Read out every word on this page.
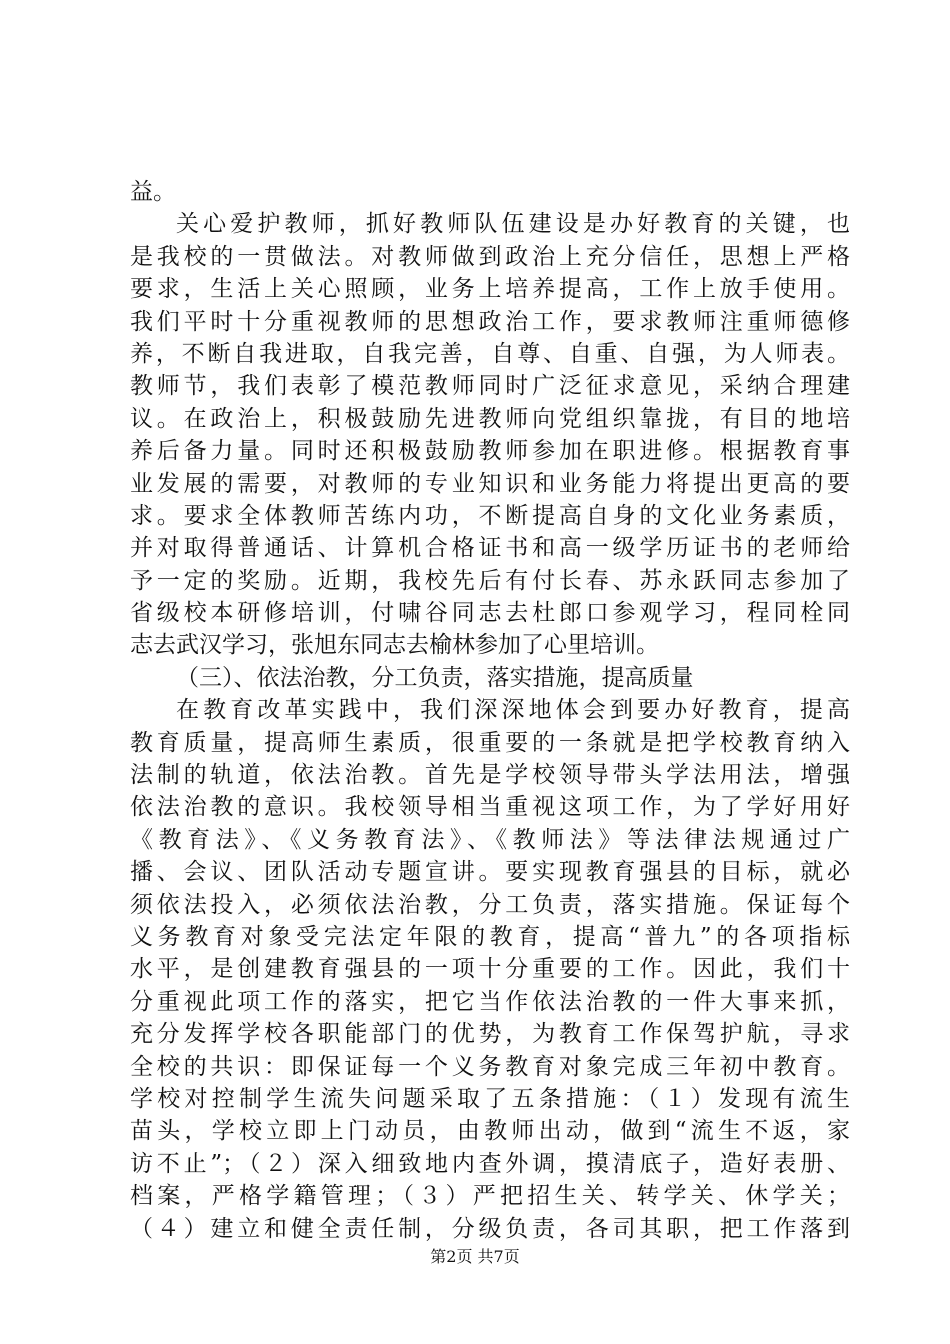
益。
关心爱护教师，抓好教师队伍建设是办好教育的关键，也
是我校的一贯做法。对教师做到政治上充分信任，思想上严格
要求，生活上关心照顾，业务上培养提高，工作上放手使用。
我们平时十分重视教师的思想政治工作，要求教师注重师德修
养，不断自我进取，自我完善，自尊、自重、自强，为人师表。
教师节，我们表彰了模范教师同时广泛征求意见，采纳合理建
议。在政治上，积极鼓励先进教师向党组织靠拢，有目的地培
养后备力量。同时还积极鼓励教师参加在职进修。根据教育事
业发展的需要，对教师的专业知识和业务能力将提出更高的要
求。要求全体教师苦练内功，不断提高自身的文化业务素质，
并对取得普通话、计算机合格证书和高一级学历证书的老师给
予一定的奖励。近期，我校先后有付长春、苏永跃同志参加了
省级校本研修培训，付啸谷同志去杜郎口参观学习，程同栓同
志去武汉学习，张旭东同志去榆林参加了心里培训。
（三）、依法治教，分工负责，落实措施，提高质量
在教育改革实践中，我们深深地体会到要办好教育，提高
教育质量，提高师生素质，很重要的一条就是把学校教育纳入
法制的轨道，依法治教。首先是学校领导带头学法用法，增强
依法治教的意识。我校领导相当重视这项工作，为了学好用好
《教育法》、《义务教育法》、《教师法》等法律法规通过广
播、会议、团队活动专题宣讲。要实现教育强县的目标，就必
须依法投入，必须依法治教，分工负责，落实措施。保证每个
义务教育对象受完法定年限的教育，提高“普九”的各项指标
水平，是创建教育强县的一项十分重要的工作。因此，我们十
分重视此项工作的落实，把它当作依法治教的一件大事来抓，
充分发挥学校各职能部门的优势，为教育工作保驾护航，寻求
全校的共识：即保证每一个义务教育对象完成三年初中教育。
学校对控制学生流失问题采取了五条措施：（１）发现有流生
苗头，学校立即上门动员，由教师出动，做到“流生不返，家
访不止”；（２）深入细致地内查外调，摸清底子，造好表册、
档案，严格学籍管理；（３）严把招生关、转学关、休学关；
（４）建立和健全责任制，分级负责，各司其职，把工作落到
第2页 共7页
